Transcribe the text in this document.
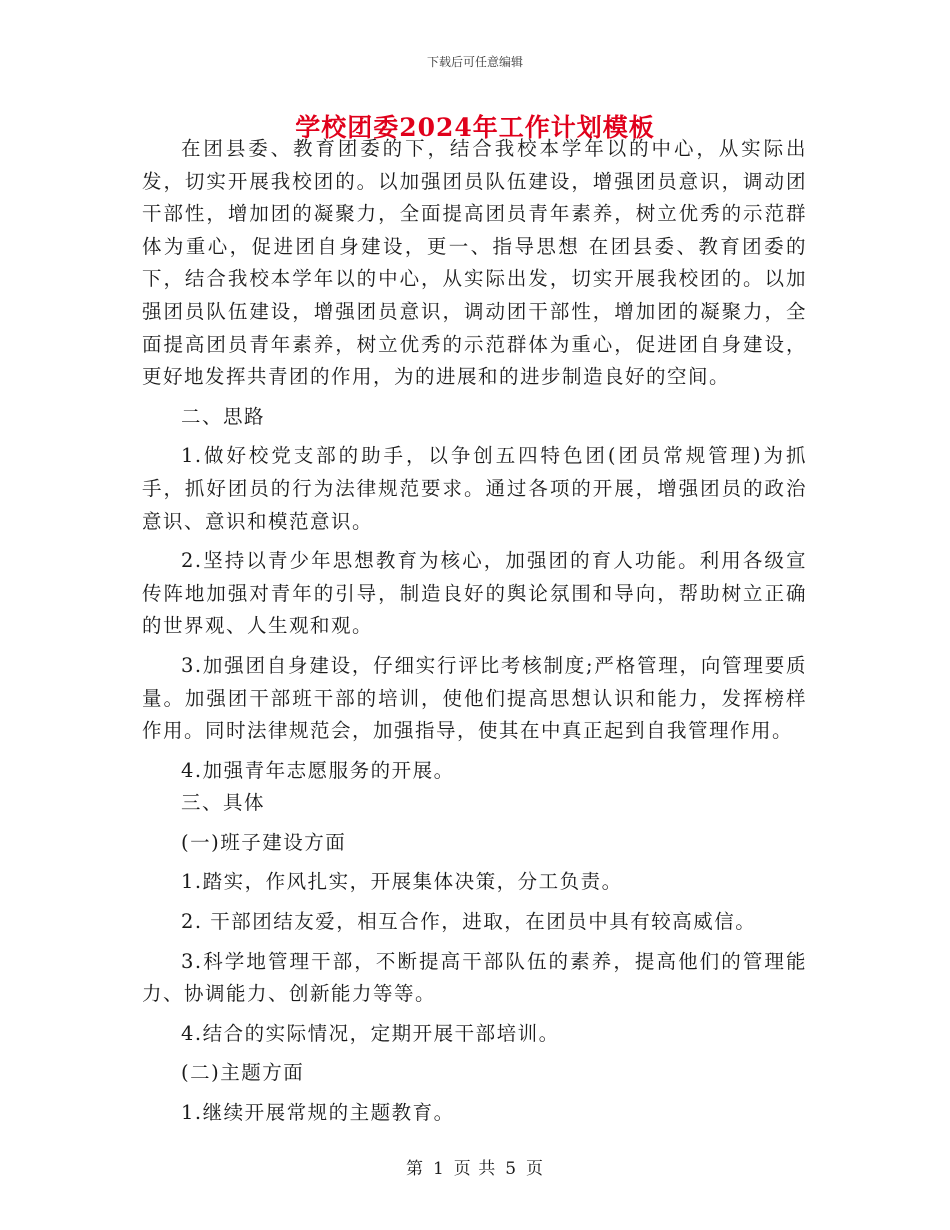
下载后可任意编辑
学校团委2024年工作计划模板

在团县委、教育团委的下，结合我校本学年以的中心，从实际出发，切实开展我校团的。以加强团员队伍建设，增强团员意识，调动团干部性，增加团的凝聚力，全面提高团员青年素养，树立优秀的示范群体为重心，促进团自身建设，更一、指导思想 在团县委、教育团委的下，结合我校本学年以的中心，从实际出发，切实开展我校团的。以加强团员队伍建设，增强团员意识，调动团干部性，增加团的凝聚力，全面提高团员青年素养，树立优秀的示范群体为重心，促进团自身建设，更好地发挥共青团的作用，为的进展和的进步制造良好的空间。

二、思路

1.做好校党支部的助手，以争创五四特色团(团员常规管理)为抓手，抓好团员的行为法律规范要求。通过各项的开展，增强团员的政治意识、意识和模范意识。

2.坚持以青少年思想教育为核心，加强团的育人功能。利用各级宣传阵地加强对青年的引导，制造良好的舆论氛围和导向，帮助树立正确的世界观、人生观和观。

3.加强团自身建设，仔细实行评比考核制度;严格管理，向管理要质量。加强团干部班干部的培训，使他们提高思想认识和能力，发挥榜样作用。同时法律规范会，加强指导，使其在中真正起到自我管理作用。

4.加强青年志愿服务的开展。

三、具体

(一)班子建设方面

1.踏实，作风扎实，开展集体决策，分工负责。

2. 干部团结友爱，相互合作，进取，在团员中具有较高威信。

3.科学地管理干部，不断提高干部队伍的素养，提高他们的管理能力、协调能力、创新能力等等。

4.结合的实际情况，定期开展干部培训。

(二)主题方面

1.继续开展常规的主题教育。

第 1 页 共 5 页
